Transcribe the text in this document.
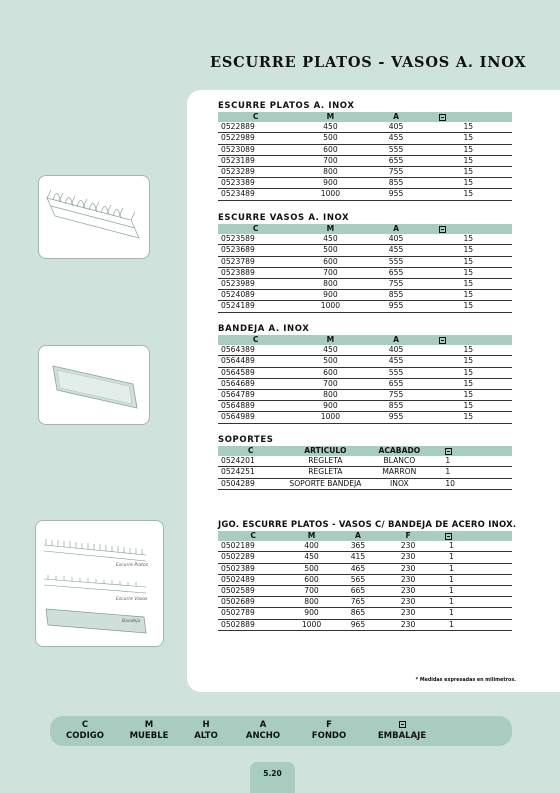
ESCURRE PLATOS - VASOS A. INOX
Escurre Platos
Escurre Vasos
Bandeja
ESCURRE PLATOS A. INOX
C	M	A	
0522889	450	405	15
0522989	500	455	15
0523089	600	555	15
0523189	700	655	15
0523289	800	755	15
0523389	900	855	15
0523489	1000	955	15
ESCURRE VASOS A. INOX
C	M	A	
0523589	450	405	15
0523689	500	455	15
0523789	600	555	15
0523889	700	655	15
0523989	800	755	15
0524089	900	855	15
0524189	1000	955	15
BANDEJA A. INOX
C	M	A	
0564389	450	405	15
0564489	500	455	15
0564589	600	555	15
0564689	700	655	15
0564789	800	755	15
0564889	900	855	15
0564989	1000	955	15
SOPORTES
C	ARTICULO	ACABADO	
0524201	REGLETA	BLANCO	1
0524251	REGLETA	MARRON	1
0504289	SOPORTE BANDEJA	INOX	10
JGO. ESCURRE PLATOS - VASOS C/ BANDEJA DE ACERO INOX.
C	M	A	F	
0502189	400	365	230	1
0502289	450	415	230	1
0502389	500	465	230	1
0502489	600	565	230	1
0502589	700	665	230	1
0502689	800	765	230	1
0502789	900	865	230	1
0502889	1000	965	230	1
* Medidas expresadas en milimetros.
C
CODIGO
M
MUEBLE
H
ALTO
A
ANCHO
F
FONDO	EMBALAJE
5.20
